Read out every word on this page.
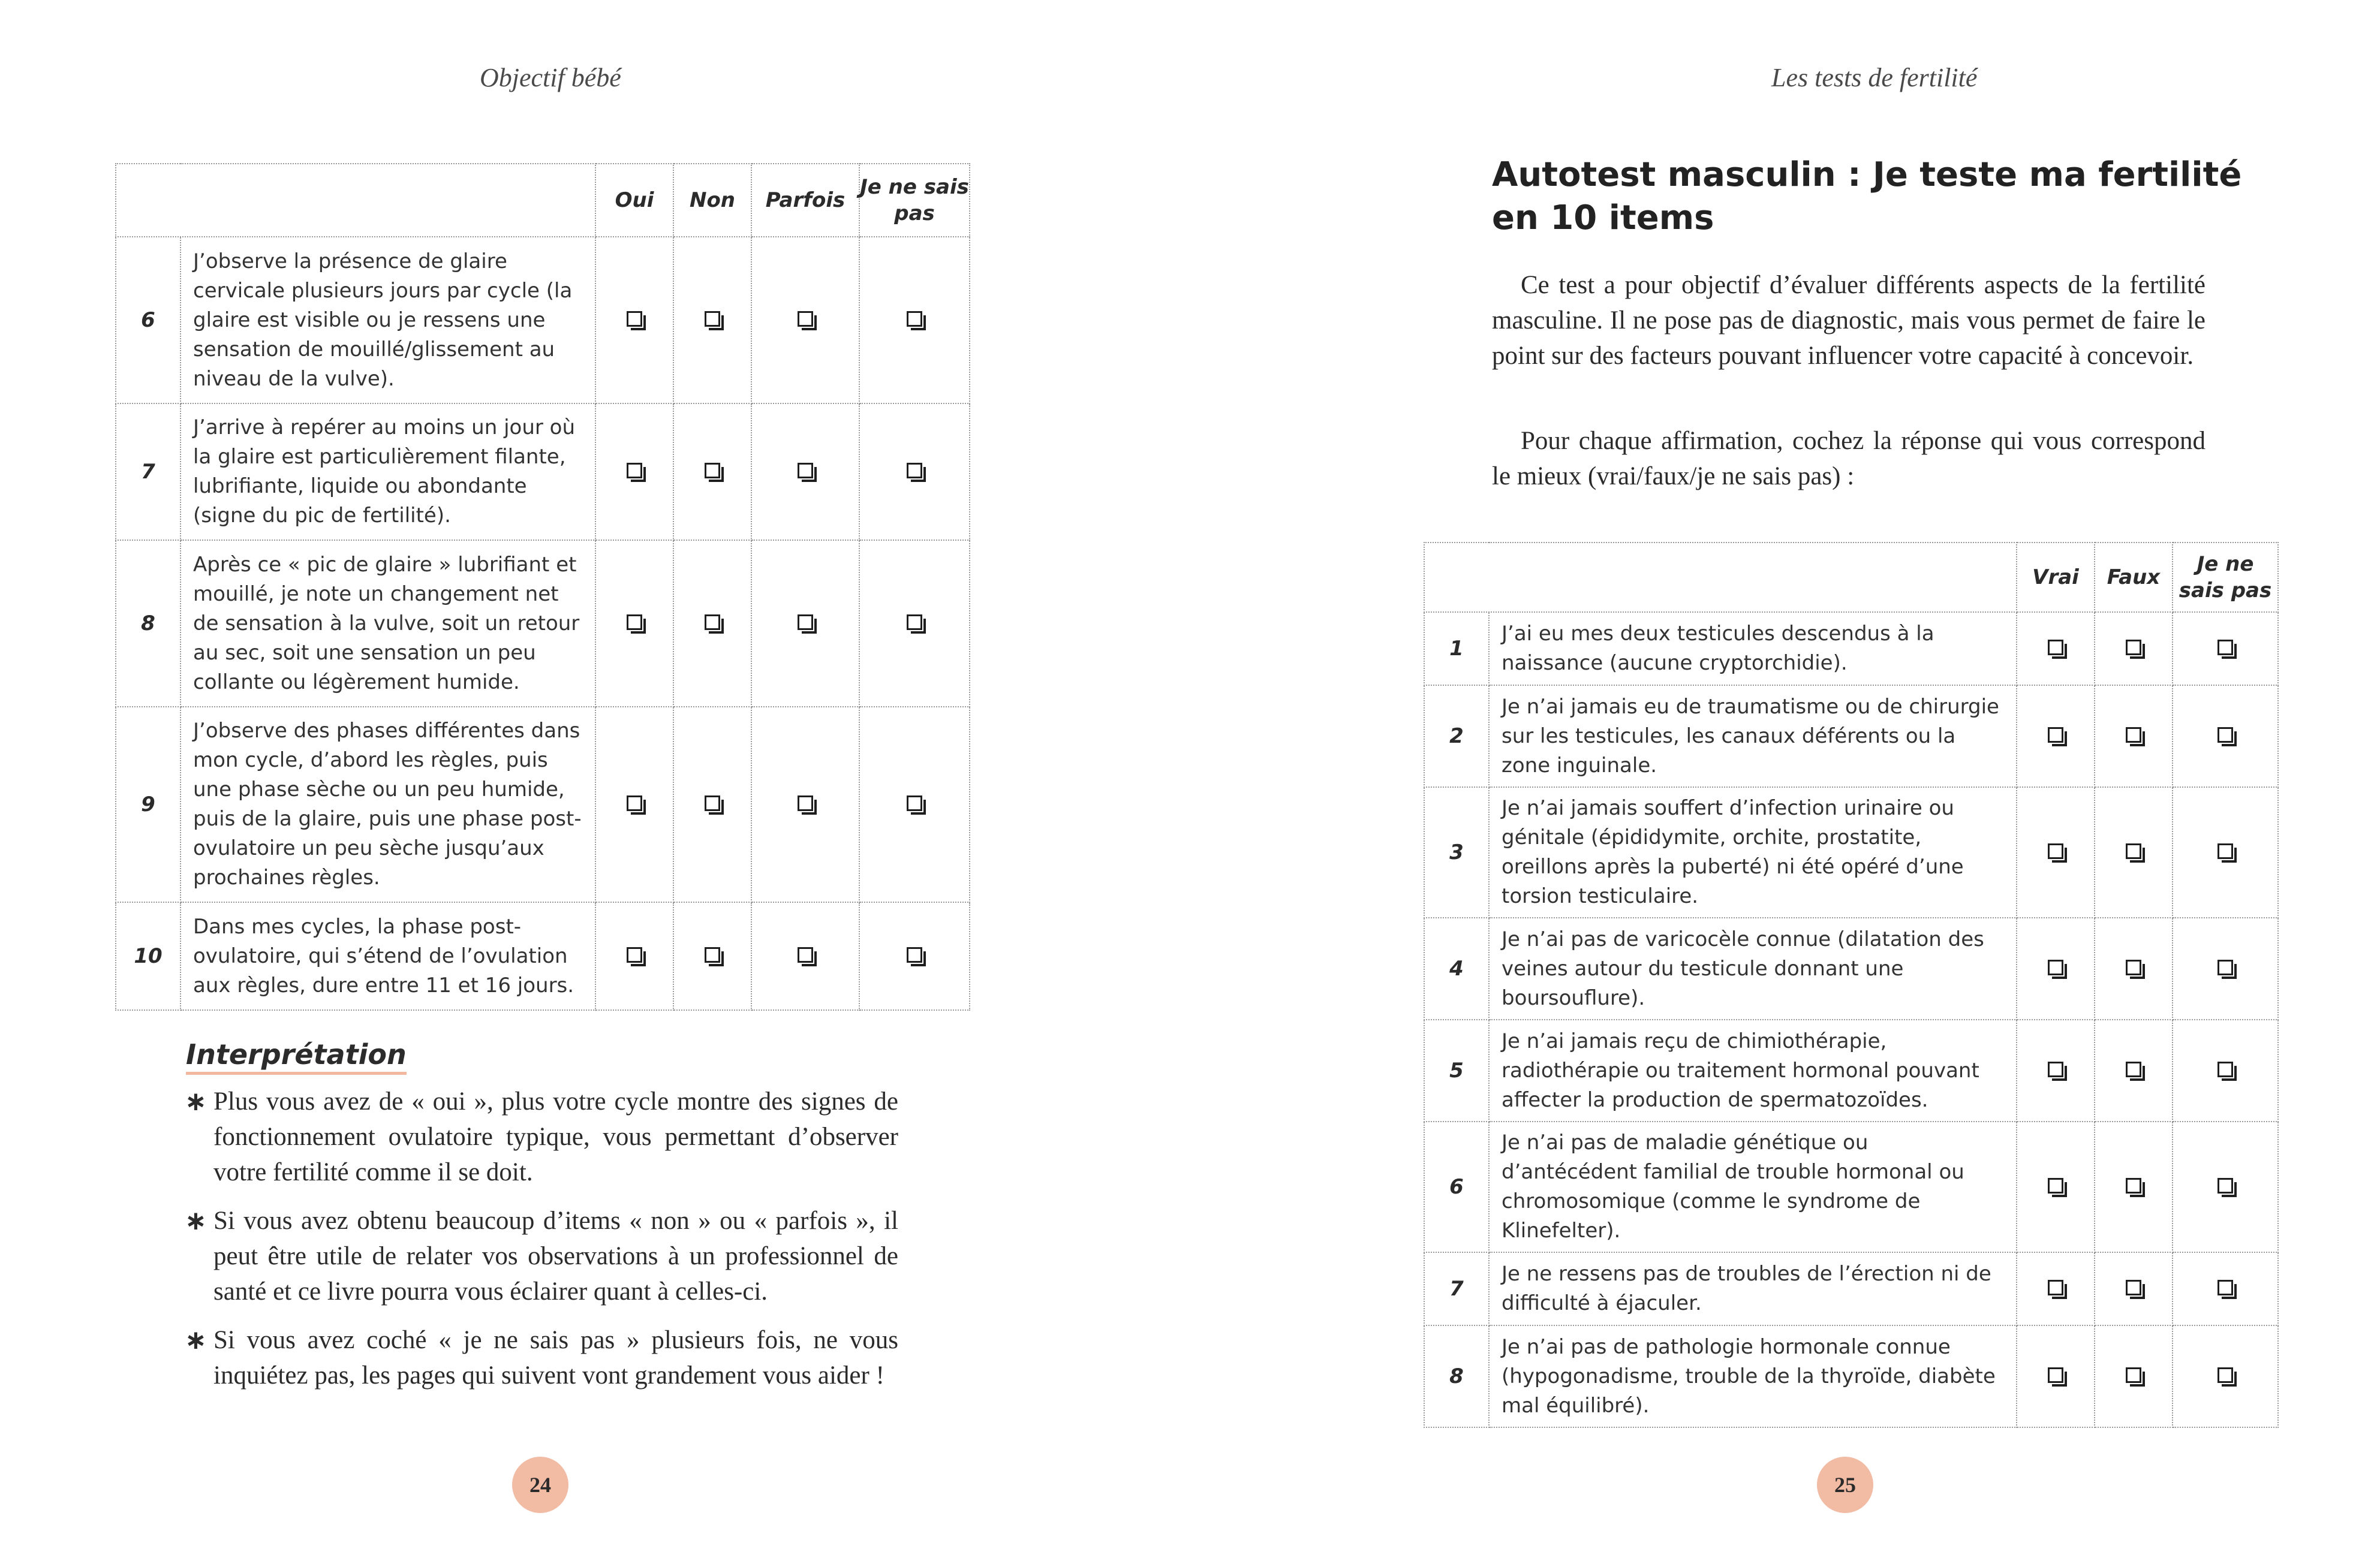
Objectif bébé
		Oui	Non	Parfois	Je ne sais pas
6	J’observe la présence de glaire cervicale plusieurs jours par cycle (la glaire est visible ou je ressens une sensation de mouillé/glissement au niveau de la vulve).				
7	J’arrive à repérer au moins un jour où la glaire est particulièrement filante, lubrifiante, liquide ou abondante (signe du pic de fertilité).				
8	Après ce « pic de glaire » lubrifiant et mouillé, je note un changement net de sensation à la vulve, soit un retour au sec, soit une sensation un peu collante ou légèrement humide.				
9	J’observe des phases différentes dans mon cycle, d’abord les règles, puis une phase sèche ou un peu humide, puis de la glaire, puis une phase post-ovulatoire un peu sèche jusqu’aux prochaines règles.				
10	Dans mes cycles, la phase post-ovulatoire, qui s’étend de l’ovulation aux règles, dure entre 11 et 16 jours.				
Interprétation
∗ Plus vous avez de « oui », plus votre cycle montre des signes de fonctionnement ovulatoire typique, vous permettant d’observer votre fertilité comme il se doit.
∗ Si vous avez obtenu beaucoup d’items « non » ou « parfois », il peut être utile de relater vos observations à un professionnel de santé et ce livre pourra vous éclairer quant à celles-ci.
∗ Si vous avez coché « je ne sais pas » plusieurs fois, ne vous inquiétez pas, les pages qui suivent vont grandement vous aider !
24
Les tests de fertilité
Autotest masculin : Je teste ma fertilité en 10 items

Ce test a pour objectif d’évaluer différents aspects de la fertilité masculine. Il ne pose pas de diagnostic, mais vous permet de faire le point sur des facteurs pouvant influencer votre capacité à concevoir.

Pour chaque affirmation, cochez la réponse qui vous correspond le mieux (vrai/faux/je ne sais pas) :

		Vrai	Faux	Je ne sais pas
1	J’ai eu mes deux testicules descendus à la naissance (aucune cryptorchidie).			
2	Je n’ai jamais eu de traumatisme ou de chirurgie sur les testicules, les canaux déférents ou la zone inguinale.			
3	Je n’ai jamais souffert d’infection urinaire ou génitale (épididymite, orchite, prostatite, oreillons après la puberté) ni été opéré d’une torsion testiculaire.			
4	Je n’ai pas de varicocèle connue (dilatation des veines autour du testicule donnant une boursouflure).			
5	Je n’ai jamais reçu de chimiothérapie, radiothérapie ou traitement hormonal pouvant affecter la production de spermatozoïdes.			
6	Je n’ai pas de maladie génétique ou d’antécédent familial de trouble hormonal ou chromosomique (comme le syndrome de Klinefelter).			
7	Je ne ressens pas de troubles de l’érection ni de difficulté à éjaculer.			
8	Je n’ai pas de pathologie hormonale connue (hypogonadisme, trouble de la thyroïde, diabète mal équilibré).			
25
